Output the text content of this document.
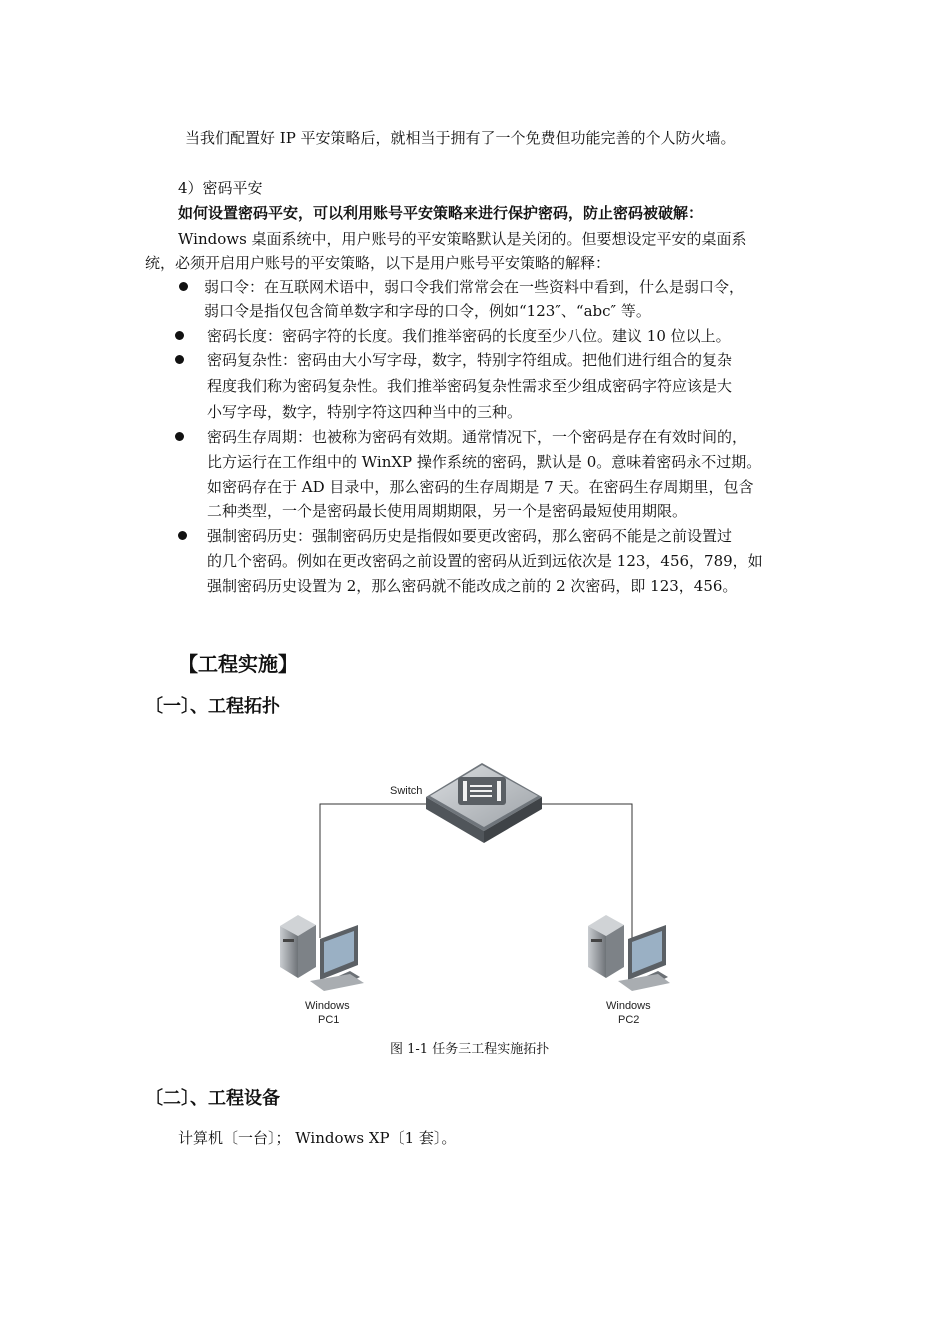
当我们配置好 IP 平安策略后，就相当于拥有了一个免费但功能完善的个人防火墙。
4）密码平安
如何设置密码平安，可以利用账号平安策略来进行保护密码，防止密码被破解：
Windows 桌面系统中，用户账号的平安策略默认是关闭的。但要想设定平安的桌面系
统，必须开启用户账号的平安策略，以下是用户账号平安策略的解释：
弱口令：在互联网术语中，弱口令我们常常会在一些资料中看到，什么是弱口令，
弱口令是指仅包含简单数字和字母的口令，例如“123″、“abc″ 等。
密码长度：密码字符的长度。我们推举密码的长度至少八位。建议 10 位以上。
密码复杂性：密码由大小写字母，数字，特别字符组成。把他们进行组合的复杂
程度我们称为密码复杂性。我们推举密码复杂性需求至少组成密码字符应该是大
小写字母，数字，特别字符这四种当中的三种。
密码生存周期：也被称为密码有效期。通常情况下，一个密码是存在有效时间的，
比方运行在工作组中的 WinXP 操作系统的密码，默认是 0。意味着密码永不过期。
如密码存在于 AD 目录中，那么密码的生存周期是 7 天。在密码生存周期里，包含
二种类型，一个是密码最长使用周期期限，另一个是密码最短使用期限。
强制密码历史：强制密码历史是指假如要更改密码，那么密码不能是之前设置过
的几个密码。例如在更改密码之前设置的密码从近到远依次是 123，456，789，如
强制密码历史设置为 2，那么密码就不能改成之前的 2 次密码，即 123，456。
【工程实施】
〔一〕、工程拓扑
Switch
Windows
PC1
Windows
PC2
图 1-1 任务三工程实施拓扑
〔二〕、工程设备
计算机〔一台〕； Windows XP〔1 套〕。
